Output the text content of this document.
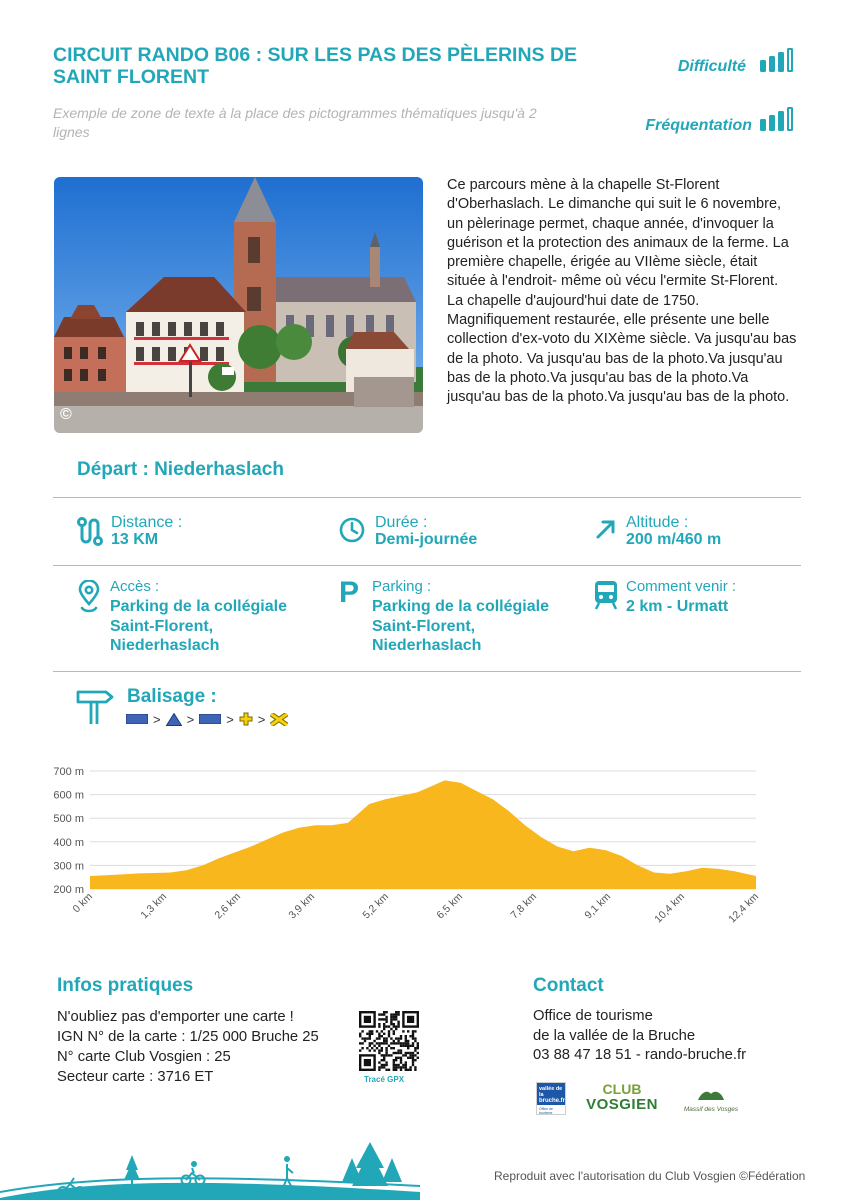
CIRCUIT RANDO B06 : SUR LES PAS DES PÈLERINS DE SAINT FLORENT
Exemple de zone de texte à la place des pictogrammes thématiques jusqu'à 2 lignes
Difficulté
Fréquentation
©
Ce parcours mène à la chapelle St-Florent d'Oberhaslach. Le dimanche qui suit le 6 novembre, un pèlerinage permet, chaque année, d'invoquer la guérison et la protection des animaux de la ferme. La première chapelle, érigée au VIIème siècle, était située à l'endroit- même où vécu l'ermite St-Florent. La chapelle d'aujourd'hui date de 1750. Magnifiquement restaurée, elle présente une belle collection d'ex-voto du XIXème siècle. Va jusqu'au bas de la photo. Va jusqu'au bas de la photo.Va jusqu'au bas de la photo.Va jusqu'au bas de la photo.Va jusqu'au bas de la photo.Va jusqu'au bas de la photo.
Départ : Niederhaslach
Distance :
13 KM
Durée :
Demi-journée
Altitude :
200 m/460 m
Accès :
Parking de la collégiale Saint-Florent, Niederhaslach
P Parking :
Parking de la collégiale Saint-Florent, Niederhaslach
Comment venir :
2 km - Urmatt
Balisage :
> > > >
200 m
300 m
400 m
500 m
600 m
700 m
0 km	1,3 km	2,6 km	3,9 km	5,2 km	6,5 km	7,8 km	9,1 km	10,4 km	12,4 km
Infos pratiques
N'oubliez pas d'emporter une carte !
IGN N° de la carte : 1/25 000 Bruche 25
N° carte Club Vosgien : 25
Secteur carte : 3716 ET	Tracé GPX
Contact
Office de tourisme
de la vallée de la Bruche
03 88 47 18 51 - rando-bruche.fr
vallée de la
bruche.fr
Office de tourisme
CLUB
VOSGIEN	Massif des Vosges
Reproduit avec l'autorisation du Club Vosgien ©Fédération
